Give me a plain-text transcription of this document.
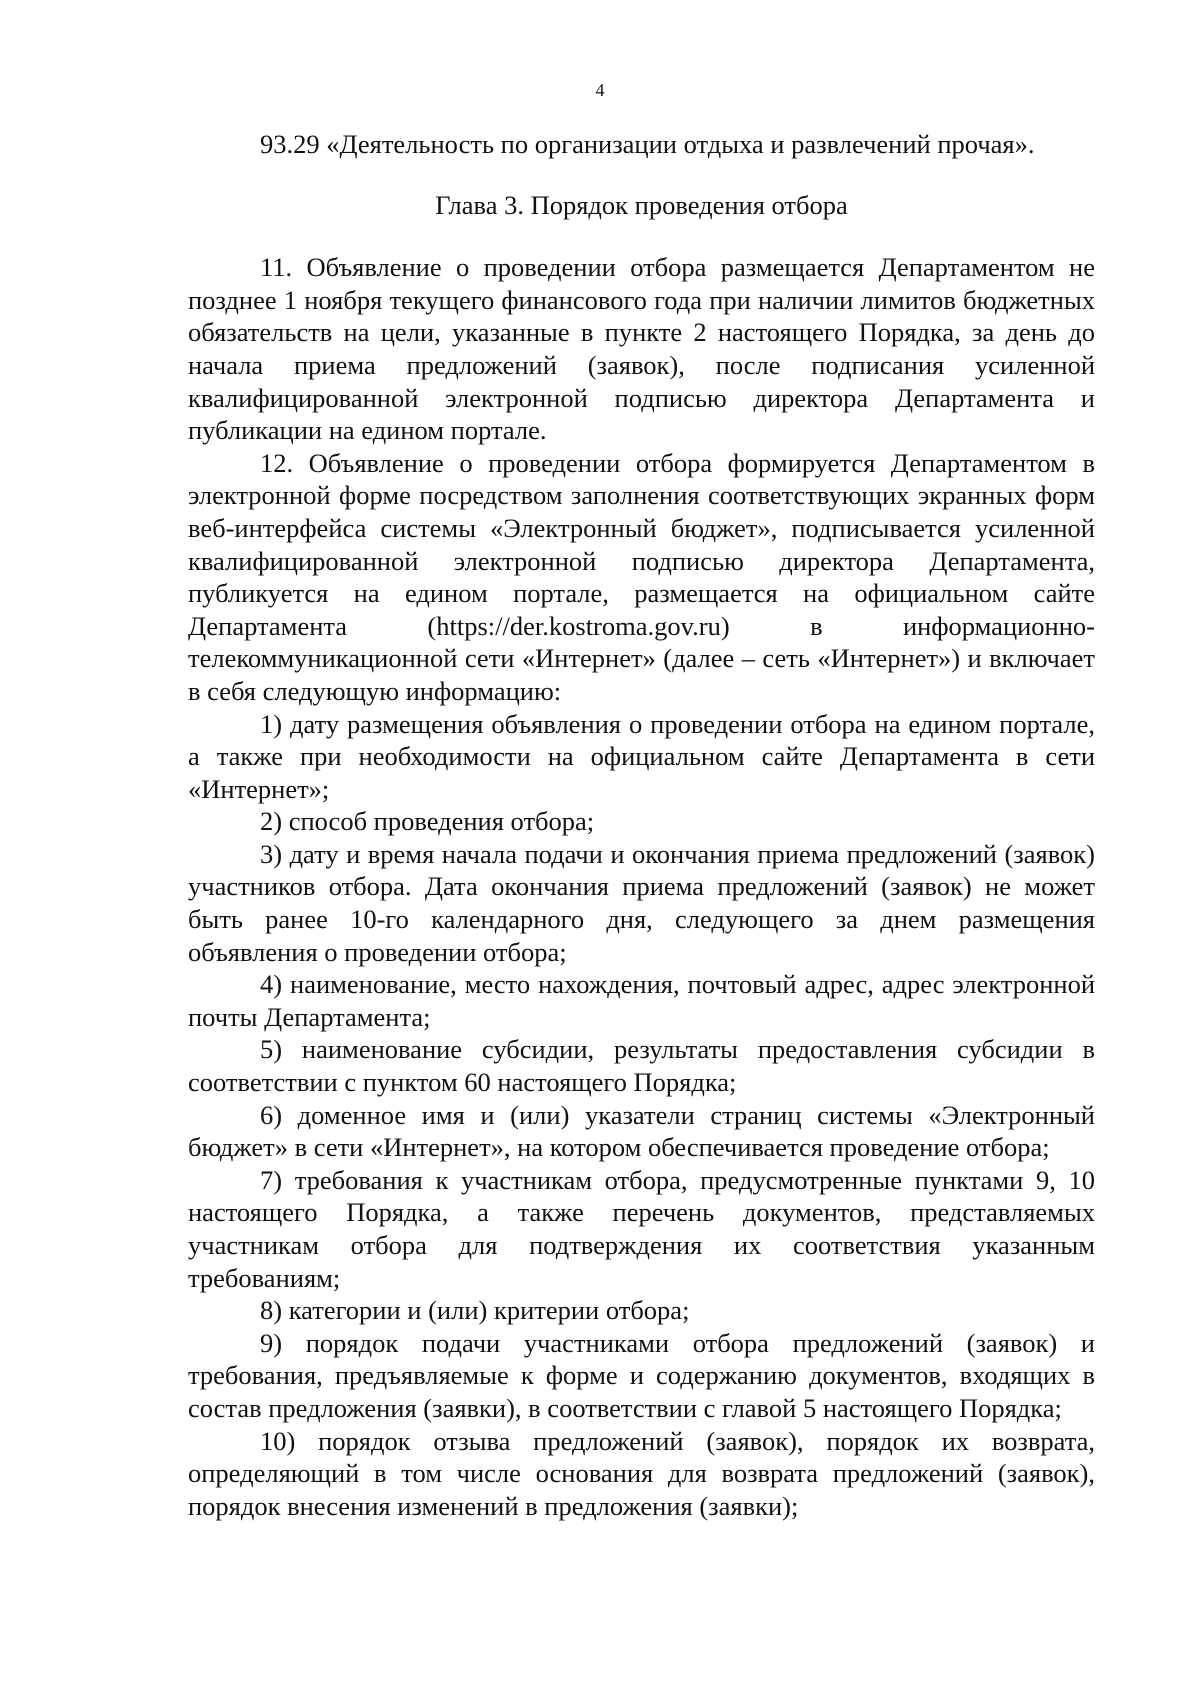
4

93.29 «Деятельность по организации отдыха и развлечений прочая».

Глава 3. Порядок проведения отбора

11. Объявление о проведении отбора размещается Департаментом не позднее 1 ноября текущего финансового года при наличии лимитов бюджетных обязательств на цели, указанные в пункте 2 настоящего Порядка, за день до начала приема предложений (заявок), после подписания усиленной квалифицированной электронной подписью директора Департамента и публикации на едином портале.

12. Объявление о проведении отбора формируется Департаментом в электронной форме посредством заполнения соответствующих экранных форм веб-интерфейса системы «Электронный бюджет», подписывается усиленной квалифицированной электронной подписью директора Департамента, публикуется на едином портале, размещается на официальном сайте Департамента (https://der.kostroma.gov.ru) в информационно-телекоммуникационной сети «Интернет» (далее – сеть «Интернет») и включает в себя следующую информацию:

1) дату размещения объявления о проведении отбора на едином портале, а также при необходимости на официальном сайте Департамента в сети «Интернет»;

2) способ проведения отбора;

3) дату и время начала подачи и окончания приема предложений (заявок) участников отбора. Дата окончания приема предложений (заявок) не может быть ранее 10-го календарного дня, следующего за днем размещения объявления о проведении отбора;

4) наименование, место нахождения, почтовый адрес, адрес электронной почты Департамента;

5) наименование субсидии, результаты предоставления субсидии в соответствии с пунктом 60 настоящего Порядка;

6) доменное имя и (или) указатели страниц системы «Электронный бюджет» в сети «Интернет», на котором обеспечивается проведение отбора;

7) требования к участникам отбора, предусмотренные пунктами 9, 10 настоящего Порядка, а также перечень документов, представляемых участникам отбора для подтверждения их соответствия указанным требованиям;

8) категории и (или) критерии отбора;

9) порядок подачи участниками отбора предложений (заявок) и требования, предъявляемые к форме и содержанию документов, входящих в состав предложения (заявки), в соответствии с главой 5 настоящего Порядка;

10) порядок отзыва предложений (заявок), порядок их возврата, определяющий в том числе основания для возврата предложений (заявок), порядок внесения изменений в предложения (заявки);
